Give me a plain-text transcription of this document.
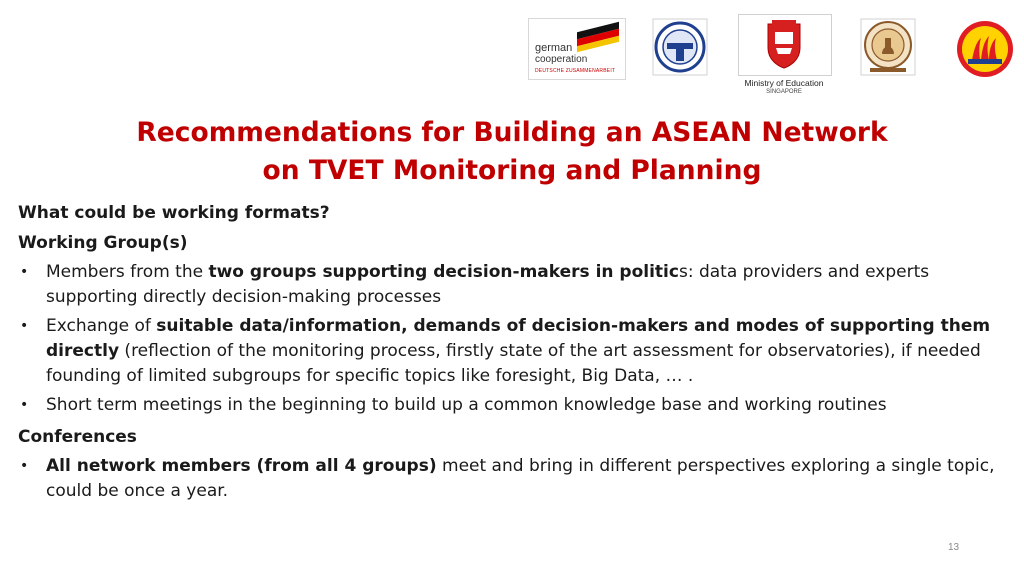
german
cooperation
DEUTSCHE ZUSAMMENARBEIT
Ministry of Education
SINGAPORE
Recommendations for Building an ASEAN Network
on TVET Monitoring and Planning

What could be working formats?

Working Group(s)

• Members from the two groups supporting decision-makers in politics: data providers and experts supporting directly decision-making processes
• Exchange of suitable data/information, demands of decision-makers and modes of supporting them directly (reflection of the monitoring process, firstly state of the art assessment for observatories), if needed founding of limited subgroups for specific topics like foresight, Big Data, … .
• Short term meetings in the beginning to build up a common knowledge base and working routines

Conferences

• All network members (from all 4 groups) meet and bring in different perspectives exploring a single topic, could be once a year.
13
